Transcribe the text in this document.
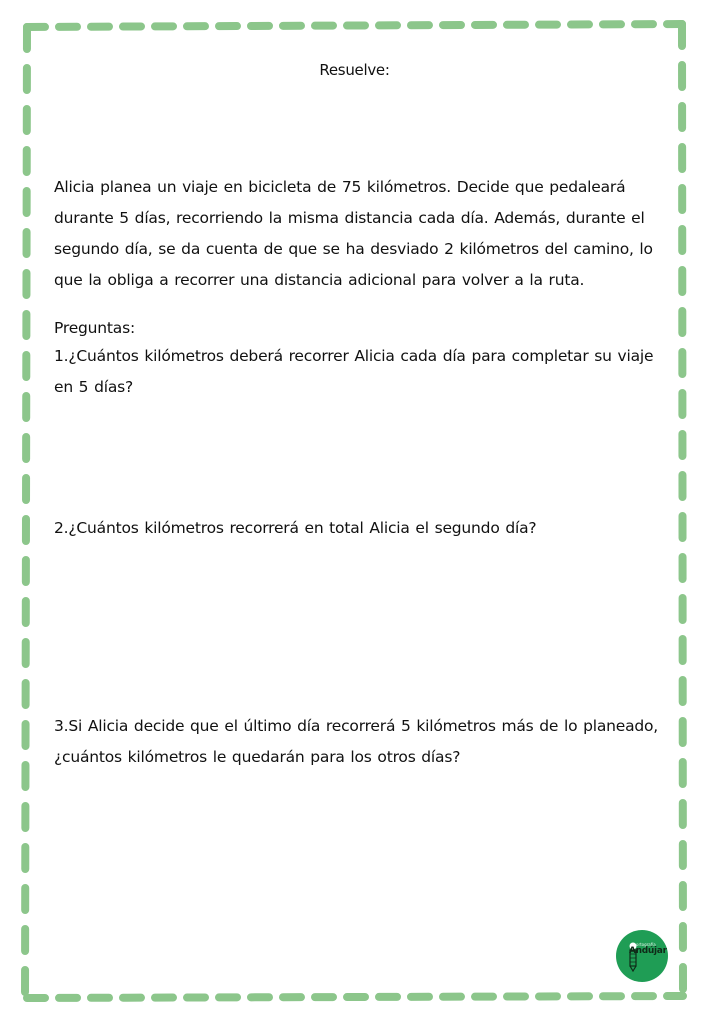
Resuelve:
Alicia planea un viaje en bicicleta de 75 kilómetros. Decide que pedaleará
durante 5 días, recorriendo la misma distancia cada día. Además, durante el
segundo día, se da cuenta de que se ha desviado 2 kilómetros del camino, lo
que la obliga a recorrer una distancia adicional para volver a la ruta.
Preguntas:
1.¿Cuántos kilómetros deberá recorrer Alicia cada día para completar su viaje
en 5 días?
2.¿Cuántos kilómetros recorrerá en total Alicia el segundo día?
3.Si Alicia decide que el último día recorrerá 5 kilómetros más de lo planeado,
¿cuántos kilómetros le quedarán para los otros días?
ortografía
Andújar
